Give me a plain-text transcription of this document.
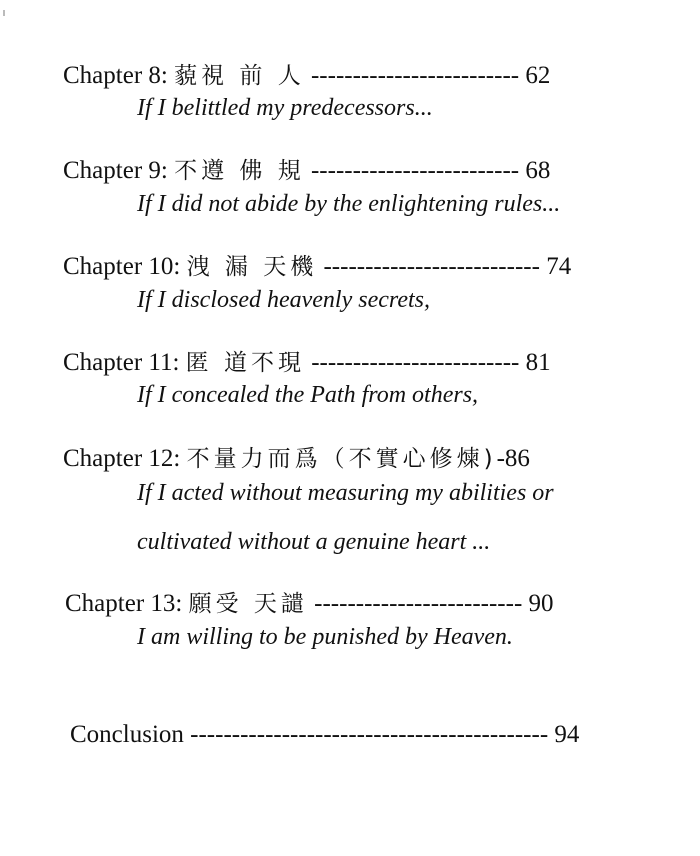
Chapter 8: 藐視 前 人 ------------------------- 62
If I belittled my predecessors...
Chapter 9: 不遵 佛 規 ------------------------- 68
If I did not abide by the enlightening rules...
Chapter 10: 洩 漏 天機 -------------------------- 74
If I disclosed heavenly secrets,
Chapter 11: 匿 道不現 ------------------------- 81
If I concealed the Path from others,
Chapter 12: 不量力而爲（不實心修煉)-86
If I acted without measuring my abilities or
cultivated without a genuine heart ...
Chapter 13: 願受 天譴 ------------------------- 90
I am willing to be punished by Heaven.
Conclusion ------------------------------------------- 94
